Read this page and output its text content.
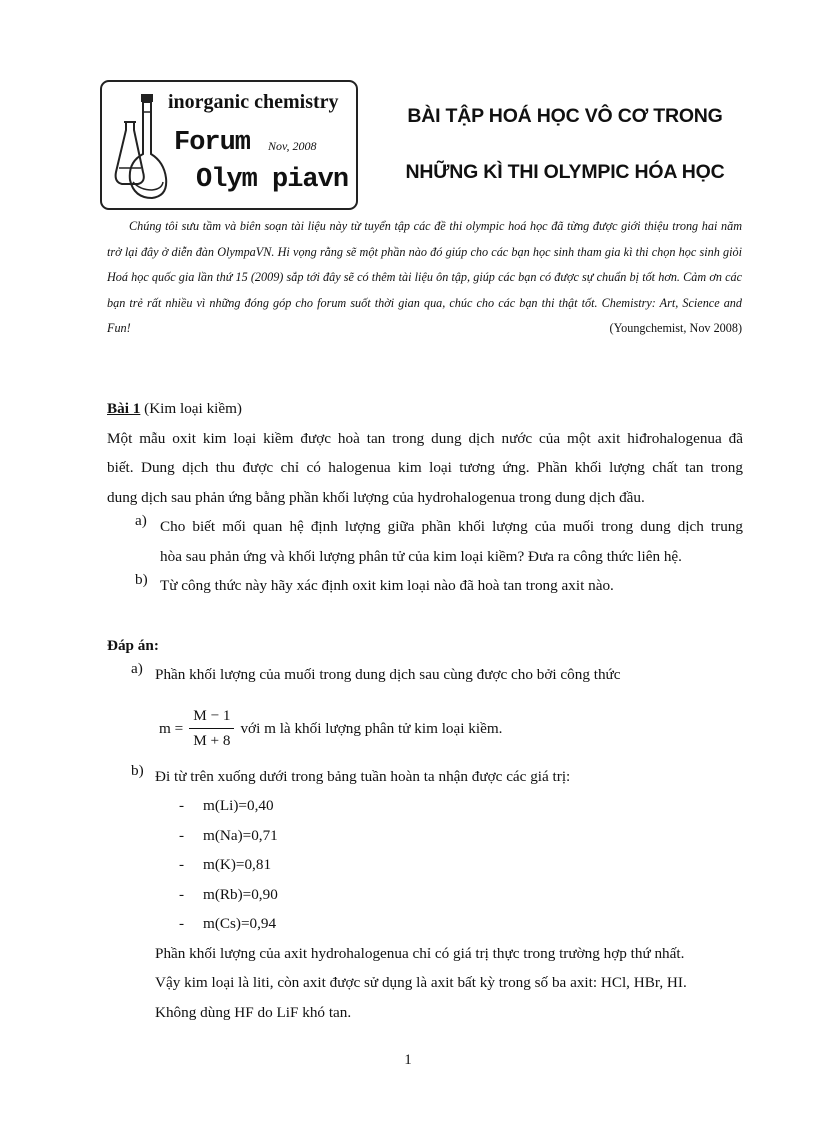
inorganic chemistry
Forum Nov, 2008
Olym piavn
BÀI TẬP HOÁ HỌC VÔ CƠ TRONG
NHỮNG KÌ THI OLYMPIC HÓA HỌC
Chúng tôi sưu tầm và biên soạn tài liệu này từ tuyển tập các đề thi olympic hoá học đã từng được giới thiệu trong hai năm trở lại đây ở diễn đàn OlympaVN. Hi vọng rằng sẽ một phần nào đó giúp cho các bạn học sinh tham gia kì thi chọn học sinh giỏi Hoá học quốc gia lần thứ 15 (2009) sắp tới đây sẽ có thêm tài liệu ôn tập, giúp các bạn có được sự chuẩn bị tốt hơn. Cảm ơn các bạn trẻ rất nhiều vì những đóng góp cho forum suốt thời gian qua, chúc cho các bạn thi thật tốt. Chemistry: Art, Science and Fun!	(Youngchemist, Nov 2008)
Bài 1 (Kim loại kiềm)
Một mẫu oxit kim loại kiềm được hoà tan trong dung dịch nước của một axit hiđrohalogenua đã
biết. Dung dịch thu được chỉ có halogenua kim loại tương ứng. Phần khối lượng chất tan trong
dung dịch sau phản ứng bằng phần khối lượng của hydrohalogenua trong dung dịch đầu.
a) Cho biết mối quan hệ định lượng giữa phần khối lượng của muối trong dung dịch trung
hòa sau phản ứng và khối lượng phân tử của kim loại kiềm? Đưa ra công thức liên hệ.
b) Từ công thức này hãy xác định oxit kim loại nào đã hoà tan trong axit nào.
Đáp án:
a) Phần khối lượng của muối trong dung dịch sau cùng được cho bởi công thức
$m = \frac{M - 1}{M + 8}$ với m là khối lượng phân tử kim loại kiềm.
b) Đi từ trên xuống dưới trong bảng tuần hoàn ta nhận được các giá trị:
- m(Li)=0,40
- m(Na)=0,71
- m(K)=0,81
- m(Rb)=0,90
- m(Cs)=0,94
Phần khối lượng của axit hydrohalogenua chỉ có giá trị thực trong trường hợp thứ nhất.
Vậy kim loại là liti, còn axit được sử dụng là axit bất kỳ trong số ba axit: HCl, HBr, HI.
Không dùng HF do LiF khó tan.
1
